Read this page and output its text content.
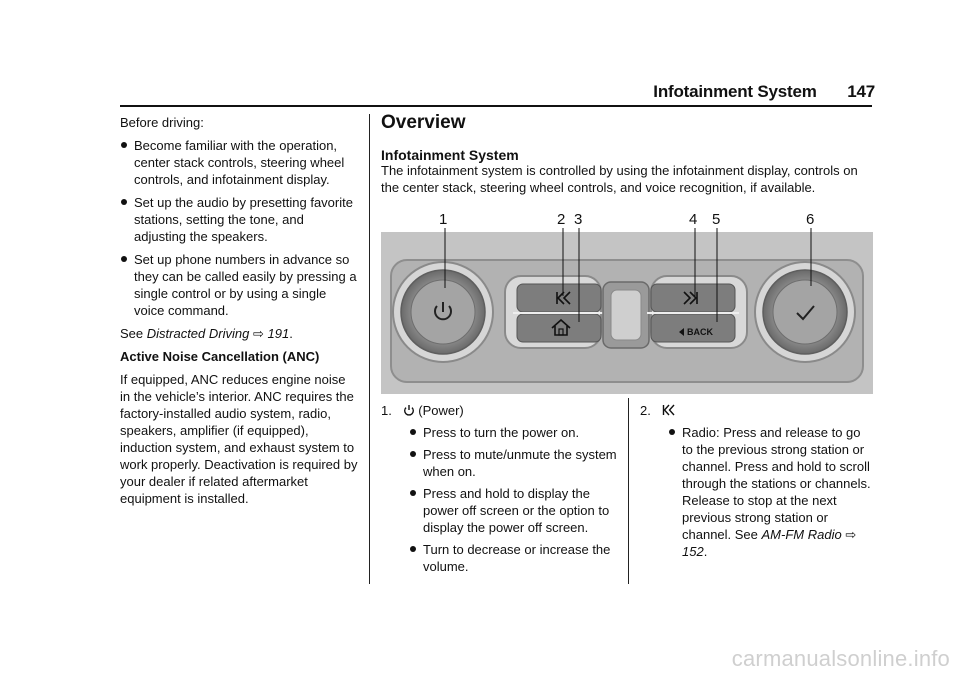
Infotainment System 147

Before driving:

Become familiar with the operation, center stack controls, steering wheel controls, and infotainment display.
Set up the audio by presetting favorite stations, setting the tone, and adjusting the speakers.
Set up phone numbers in advance so they can be called easily by pressing a single control or by using a single voice command.

See Distracted Driving ⇨ 191.

Active Noise Cancellation (ANC)

If equipped, ANC reduces engine noise in the vehicle’s interior. ANC requires the factory-installed audio system, radio, speakers, amplifier (if equipped), induction system, and exhaust system to work properly. Deactivation is required by your dealer if related aftermarket equipment is installed.

Overview
Infotainment System
The infotainment system is controlled by using the infotainment display, controls on the center stack, steering wheel controls, and voice recognition, if available.
BACK
1	2 3	4 5	6

1. (Power)

Press to turn the power on.
Press to mute/unmute the system when on.
Press and hold to display the power off screen or the option to display the power off screen.
Turn to decrease or increase the volume.

2.

Radio: Press and release to go to the previous strong station or channel. Press and hold to scroll through the stations or channels. Release to stop at the next previous strong station or channel. See AM-FM Radio ⇨ 152.
carmanualsonline.info
